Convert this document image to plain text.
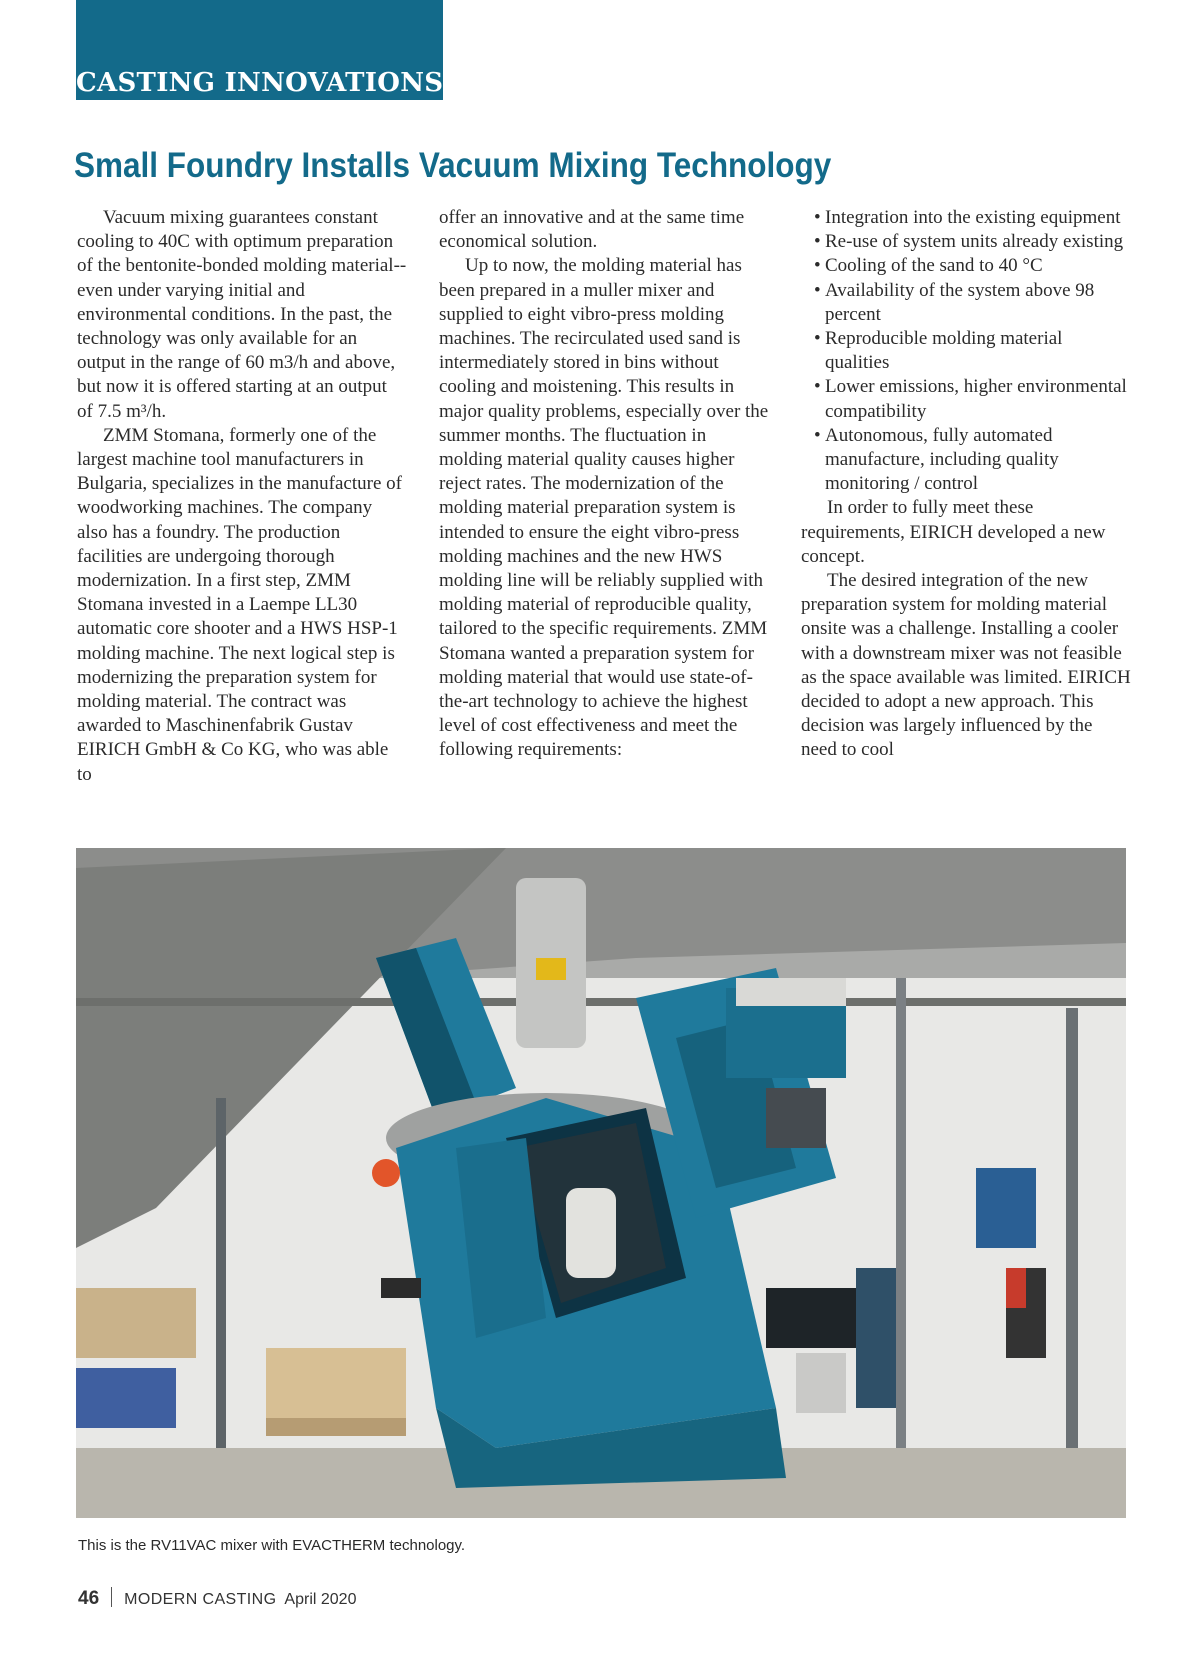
CASTING INNOVATIONS
Small Foundry Installs Vacuum Mixing Technology

Vacuum mixing guarantees constant cooling to 40C with optimum preparation of the bentonite-bonded molding material--even under varying initial and environmental conditions. In the past, the technology was only available for an output in the range of 60 m3/h and above, but now it is offered starting at an output of 7.5 m³/h.

ZMM Stomana, formerly one of the largest machine tool manufacturers in Bulgaria, specializes in the manufacture of woodworking machines. The company also has a foundry. The production facilities are undergoing thorough modernization. In a first step, ZMM Stomana invested in a Laempe LL30 automatic core shooter and a HWS HSP-1 molding machine. The next logical step is modernizing the preparation system for molding material. The contract was awarded to Maschinenfabrik Gustav EIRICH GmbH & Co KG, who was able to

offer an innovative and at the same time economical solution.

Up to now, the molding material has been prepared in a muller mixer and supplied to eight vibro-press molding machines. The recirculated used sand is intermediately stored in bins without cooling and moistening. This results in major quality problems, especially over the summer months. The fluctuation in molding material quality causes higher reject rates. The modernization of the molding material preparation system is intended to ensure the eight vibro-press molding machines and the new HWS molding line will be reliably supplied with molding material of reproducible quality, tailored to the specific requirements. ZMM Stomana wanted a preparation system for molding material that would use state-of-the-art technology to achieve the highest level of cost effectiveness and meet the following requirements:

• Integration into the existing equipment
• Re-use of system units already existing
• Cooling of the sand to 40 °C
• Availability of the system above 98 percent
• Reproducible molding material qualities
• Lower emissions, higher environmental compatibility
• Autonomous, fully automated manufacture, including quality monitoring / control

In order to fully meet these requirements, EIRICH developed a new concept.

The desired integration of the new preparation system for molding material onsite was a challenge. Installing a cooler with a downstream mixer was not feasible as the space available was limited. EIRICH decided to adopt a new approach. This decision was largely influenced by the need to cool

This is the RV11VAC mixer with EVACTHERM technology.
46 MODERN CASTING April 2020
